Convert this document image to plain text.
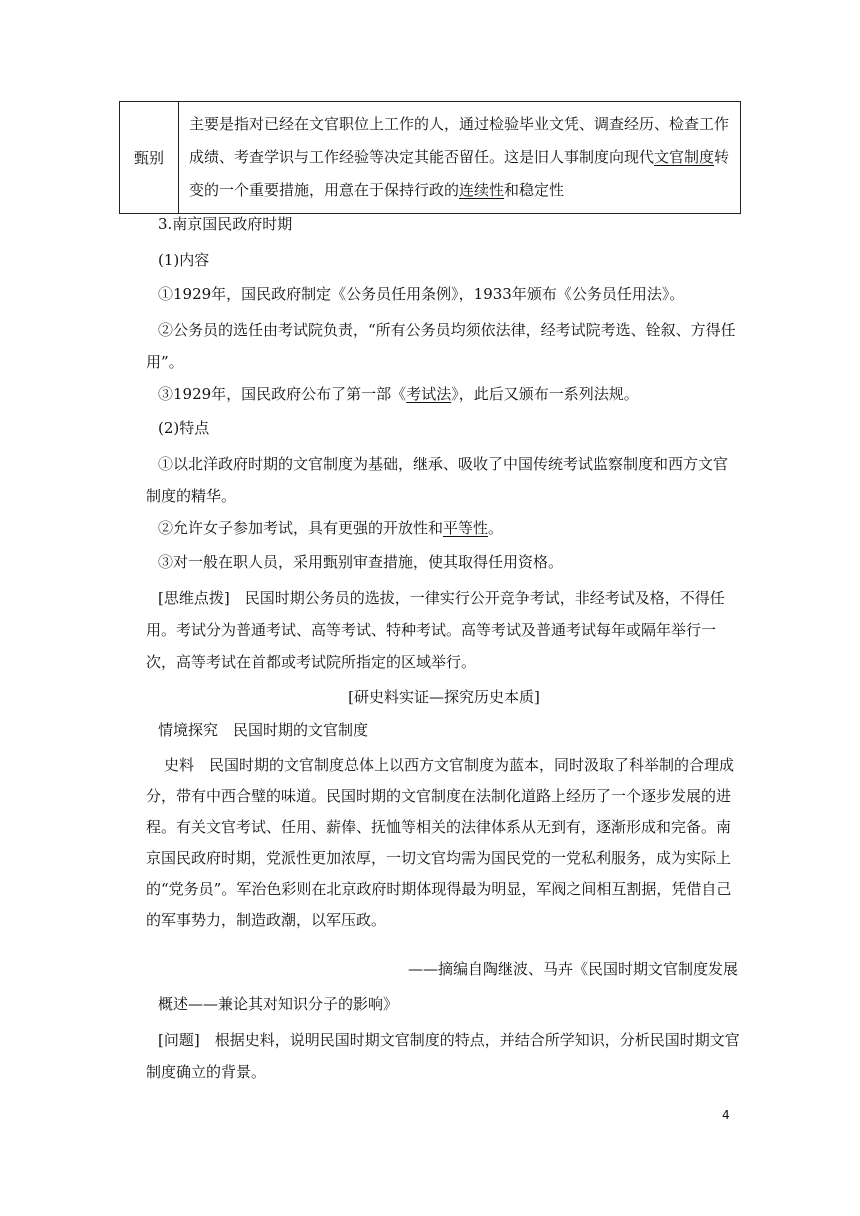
甄别	主要是指对已经在文官职位上工作的人，通过检验毕业文凭、调查经历、检查工作成绩、考查学识与工作经验等决定其能否留任。这是旧人事制度向现代文官制度转变的一个重要措施，用意在于保持行政的连续性和稳定性
3.南京国民政府时期
(1)内容
①1929年，国民政府制定《公务员任用条例》，1933年颁布《公务员任用法》。
②公务员的选任由考试院负责，“所有公务员均须依法律，经考试院考选、铨叙、方得任用”。
③1929年，国民政府公布了第一部《考试法》，此后又颁布一系列法规。
(2)特点
①以北洋政府时期的文官制度为基础，继承、吸收了中国传统考试监察制度和西方文官制度的精华。
②允许女子参加考试，具有更强的开放性和平等性。
③对一般在职人员，采用甄别审查措施，使其取得任用资格。
[思维点拨]　 民国时期公务员的选拔，一律实行公开竞争考试，非经考试及格，不得任用。考试分为普通考试、高等考试、特种考试。高等考试及普通考试每年或隔年举行一次，高等考试在首都或考试院所指定的区域举行。
[研史料实证—探究历史本质]
情境探究　民国时期的文官制度
史料　 民国时期的文官制度总体上以西方文官制度为蓝本，同时汲取了科举制的合理成分，带有中西合璧的味道。民国时期的文官制度在法制化道路上经历了一个逐步发展的进程。有关文官考试、任用、薪俸、抚恤等相关的法律体系从无到有，逐渐形成和完备。南京国民政府时期，党派性更加浓厚，一切文官均需为国民党的一党私利服务，成为实际上的“党务员”。军治色彩则在北京政府时期体现得最为明显，军阀之间相互割据，凭借自己的军事势力，制造政潮，以军压政。
——摘编自陶继波、马卉《民国时期文官制度发展
概述——兼论其对知识分子的影响》
[问题]　 根据史料，说明民国时期文官制度的特点，并结合所学知识，分析民国时期文官制度确立的背景。
4
